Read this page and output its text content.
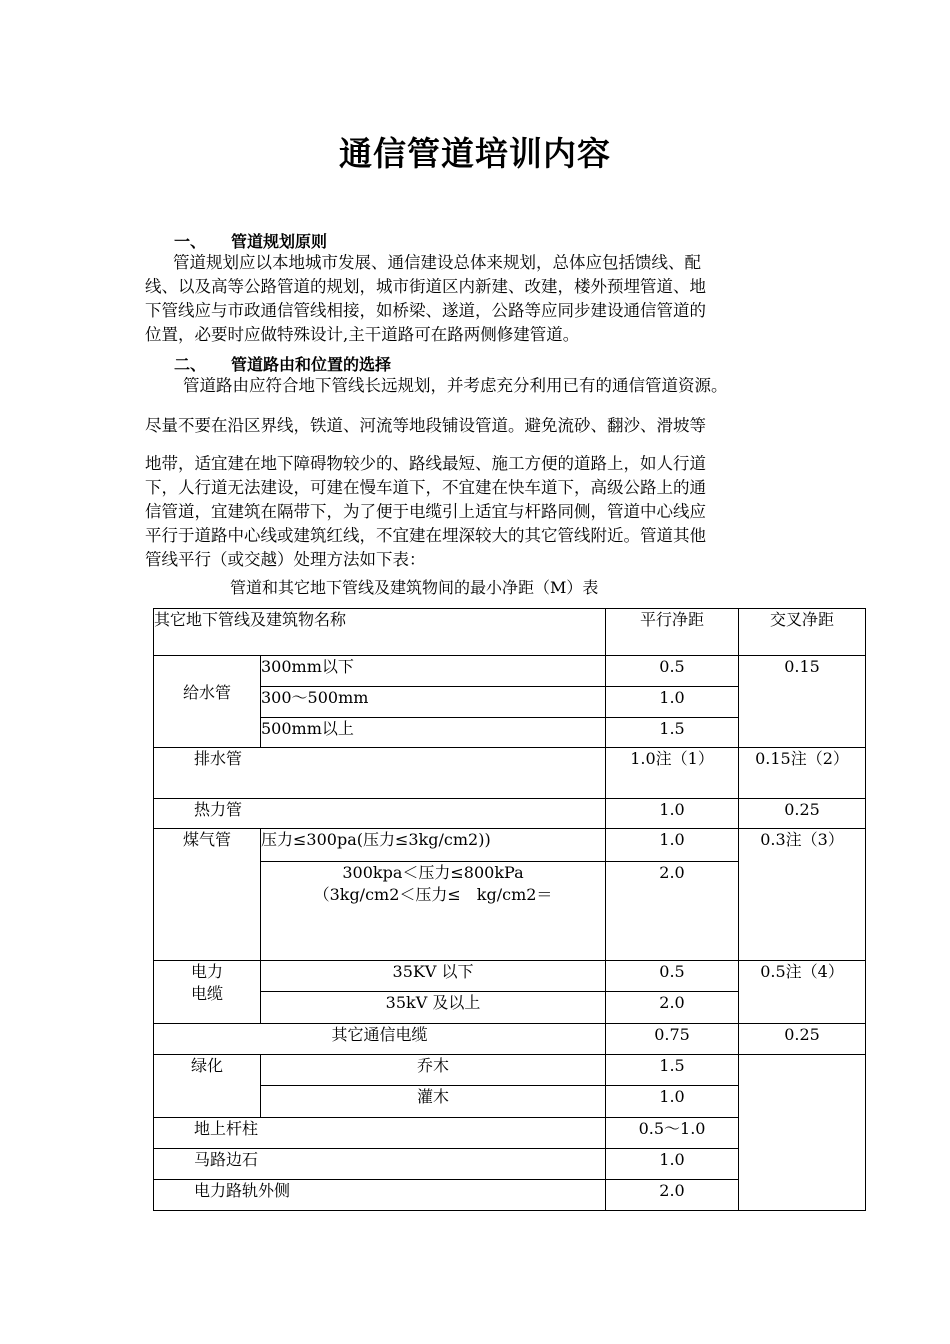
通信管道培训内容
一、 管道规划原则
管道规划应以本地城市发展、通信建设总体来规划，总体应包括馈线、配
线、以及高等公路管道的规划，城市街道区内新建、改建，楼外预埋管道、地
下管线应与市政通信管线相接，如桥梁、遂道，公路等应同步建设通信管道的
位置，必要时应做特殊设计,主干道路可在路两侧修建管道。
二、 管道路由和位置的选择
管道路由应符合地下管线长远规划，并考虑充分利用已有的通信管道资源。
尽量不要在沿区界线，铁道、河流等地段铺设管道。避免流砂、翻沙、滑坡等
地带，适宜建在地下障碍物较少的、路线最短、施工方便的道路上，如人行道
下，人行道无法建设，可建在慢车道下，不宜建在快车道下，高级公路上的通
信管道，宜建筑在隔带下，为了便于电缆引上适宜与杆路同侧，管道中心线应
平行于道路中心线或建筑红线，不宜建在埋深较大的其它管线附近。管道其他
管线平行（或交越）处理方法如下表：
管道和其它地下管线及建筑物间的最小净距（M）表
其它地下管线及建筑物名称		平行净距	交叉净距
给水管	300mm以下	0.5	0.15
	300～500mm	1.0	
	500mm以上	1.5	
排水管		1.0注（1）	0.15注（2）
热力管		1.0	0.25
煤气管	压力≤300pa(压力≤3kg/cm2))	1.0	0.3注（3）

	300kpa＜压力≤800kPa
（3kg/cm2＜压力≤　kg/cm2＝	2.0	

电力
电缆	35KV 以下	0.5	0.5注（4）
	35kV 及以上	2.0	
其它通信电缆		0.75	0.25
绿化	乔木	1.5	
	灌木	1.0	
地上杆柱		0.5～1.0	
马路边石		1.0	
电力路轨外侧		2.0	
